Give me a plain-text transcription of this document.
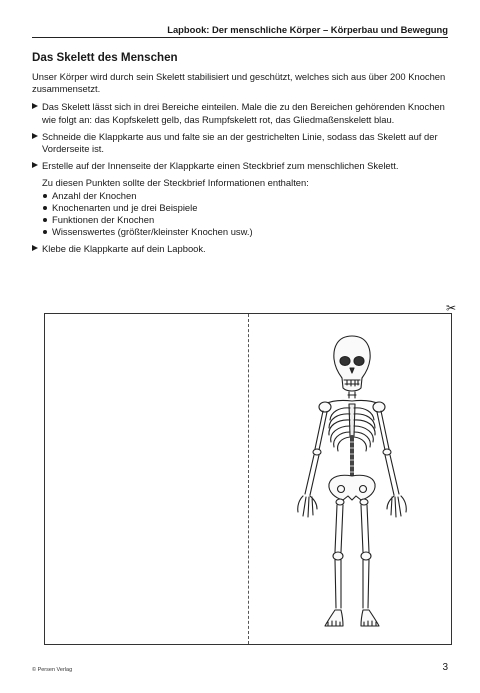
Lapbook: Der menschliche Körper – Körperbau und Bewegung
Das Skelett des Menschen

Unser Körper wird durch sein Skelett stabilisiert und geschützt, welches sich aus über 200 Knochen zusammensetzt.

Das Skelett lässt sich in drei Bereiche einteilen. Male die zu den Bereichen gehörenden Knochen wie folgt an: das Kopfskelett gelb, das Rumpfskelett rot, das Gliedmaßenskelett blau.
Schneide die Klappkarte aus und falte sie an der gestrichelten Linie, sodass das Skelett auf der Vorderseite ist.
Erstelle auf der Innenseite der Klappkarte einen Steckbrief zum menschlichen Skelett.

Zu diesen Punkten sollte der Steckbrief Informationen enthalten:

Anzahl der Knochen
Knochenarten und je drei Beispiele
Funktionen der Knochen
Wissenswertes (größter/kleinster Knochen usw.)
Klebe die Klappkarte auf dein Lapbook.
✂
© Persen Verlag	3
